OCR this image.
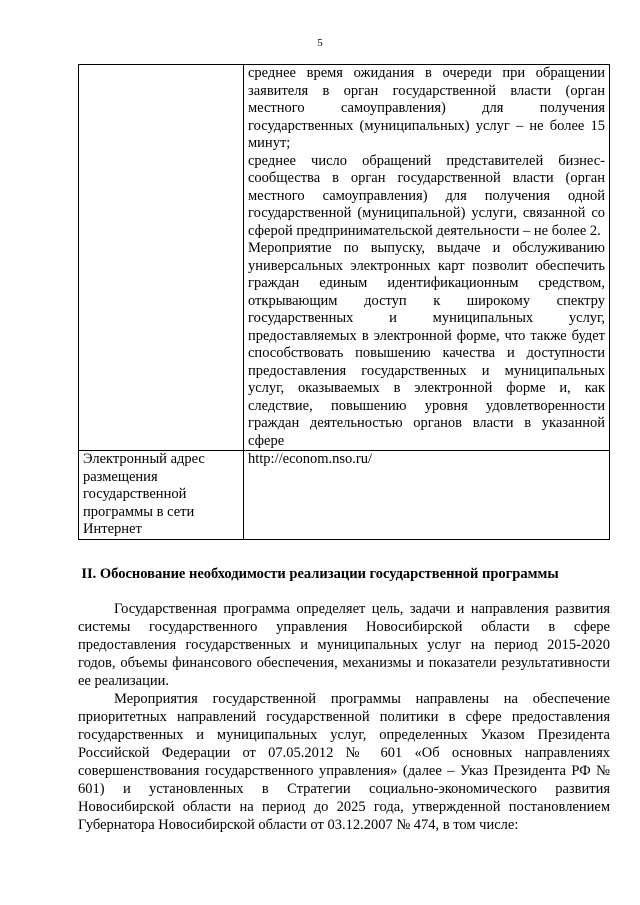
5

	среднее время ожидания в очереди при обращении заявителя в орган государственной власти (орган местного самоуправления) для получения государственных (муниципальных) услуг – не более 15 минут;
среднее число обращений представителей бизнес-сообщества в орган государственной власти (орган местного самоуправления) для получения одной государственной (муниципальной) услуги, связанной со сферой предпринимательской деятельности – не более 2.
Мероприятие по выпуску, выдаче и обслуживанию универсальных электронных карт позволит обеспечить граждан единым идентификационным средством, открывающим доступ к широкому спектру государственных и муниципальных услуг, предоставляемых в электронной форме, что также будет способствовать повышению качества и доступности предоставления государственных и муниципальных услуг, оказываемых в электронной форме и, как следствие, повышению уровня удовлетворенности граждан деятельностью органов власти в указанной сфере

Электронный адрес размещения государственной программы в сети Интернет	http://econom.nso.ru/
II. Обоснование необходимости реализации государственной программы

Государственная программа определяет цель, задачи и направления развития системы государственного управления Новосибирской области в сфере предоставления государственных и муниципальных услуг на период 2015-2020 годов, объемы финансового обеспечения, механизмы и показатели результативности ее реализации.

Мероприятия государственной программы направлены на обеспечение приоритетных направлений государственной политики в сфере предоставления государственных и муниципальных услуг, определенных Указом Президента Российской Федерации от 07.05.2012 № 601 «Об основных направлениях совершенствования государственного управления» (далее – Указ Президента РФ № 601) и установленных в Стратегии социально-экономического развития Новосибирской области на период до 2025 года, утвержденной постановлением Губернатора Новосибирской области от 03.12.2007 № 474, в том числе:
